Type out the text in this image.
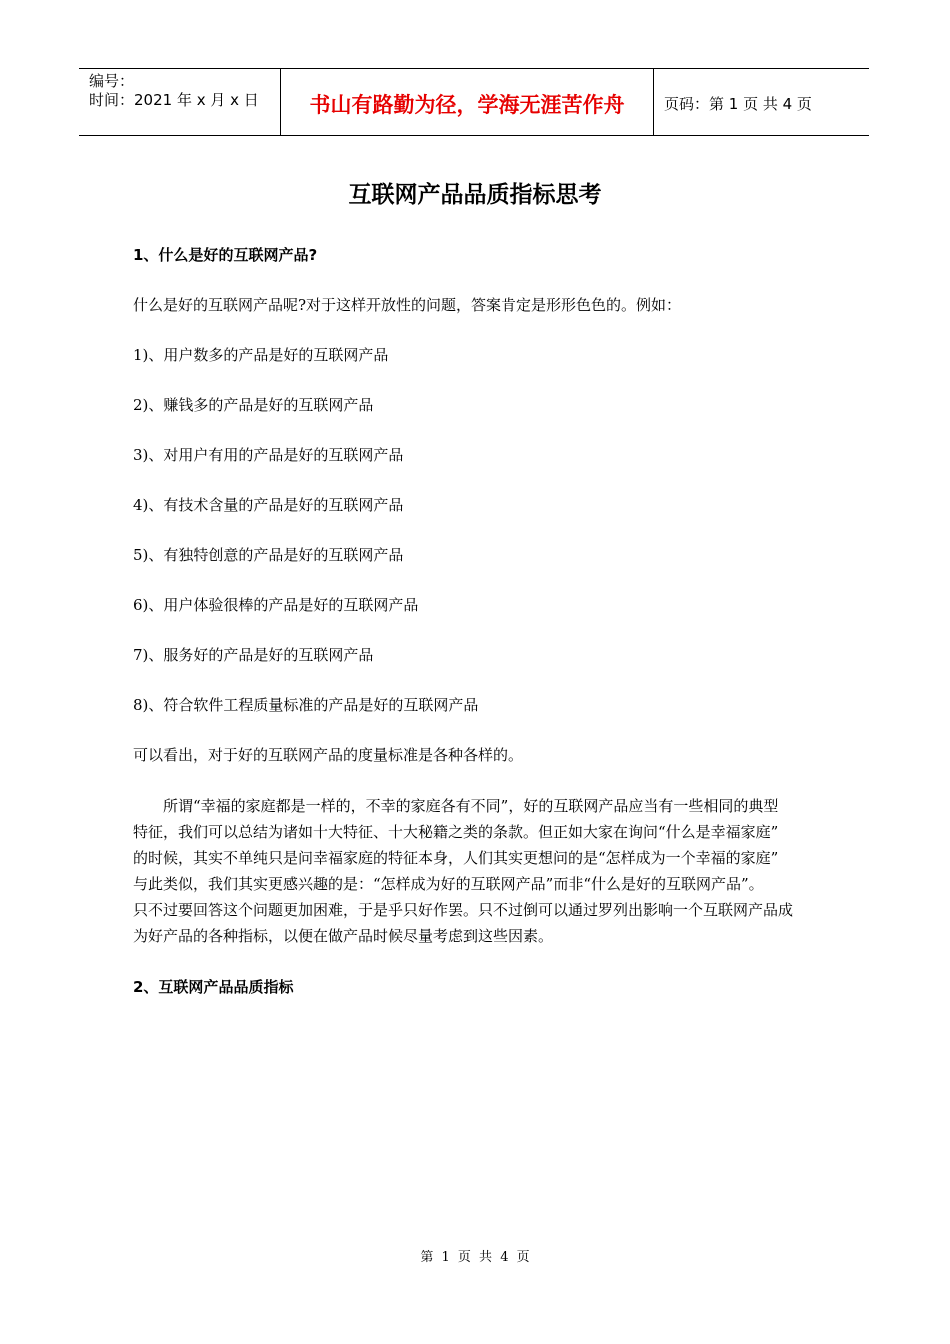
编号：
时间：2021 年 x 月 x 日	书山有路勤为径，学海无涯苦作舟	页码：第 1 页 共 4 页
互联网产品品质指标思考

1、什么是好的互联网产品?

什么是好的互联网产品呢?对于这样开放性的问题，答案肯定是形形色色的。例如：

1)、用户数多的产品是好的互联网产品

2)、赚钱多的产品是好的互联网产品

3)、对用户有用的产品是好的互联网产品

4)、有技术含量的产品是好的互联网产品

5)、有独特创意的产品是好的互联网产品

6)、用户体验很棒的产品是好的互联网产品

7)、服务好的产品是好的互联网产品

8)、符合软件工程质量标准的产品是好的互联网产品

可以看出，对于好的互联网产品的度量标准是各种各样的。

　　所谓“幸福的家庭都是一样的，不幸的家庭各有不同”，好的互联网产品应当有一些相同的典型

特征，我们可以总结为诸如十大特征、十大秘籍之类的条款。但正如大家在询问“什么是幸福家庭”

的时候，其实不单纯只是问幸福家庭的特征本身，人们其实更想问的是“怎样成为一个幸福的家庭”

与此类似，我们其实更感兴趣的是：“怎样成为好的互联网产品”而非“什么是好的互联网产品”。

只不过要回答这个问题更加困难，于是乎只好作罢。只不过倒可以通过罗列出影响一个互联网产品成

为好产品的各种指标，以便在做产品时候尽量考虑到这些因素。

2、互联网产品品质指标

第 1 页 共 4 页
